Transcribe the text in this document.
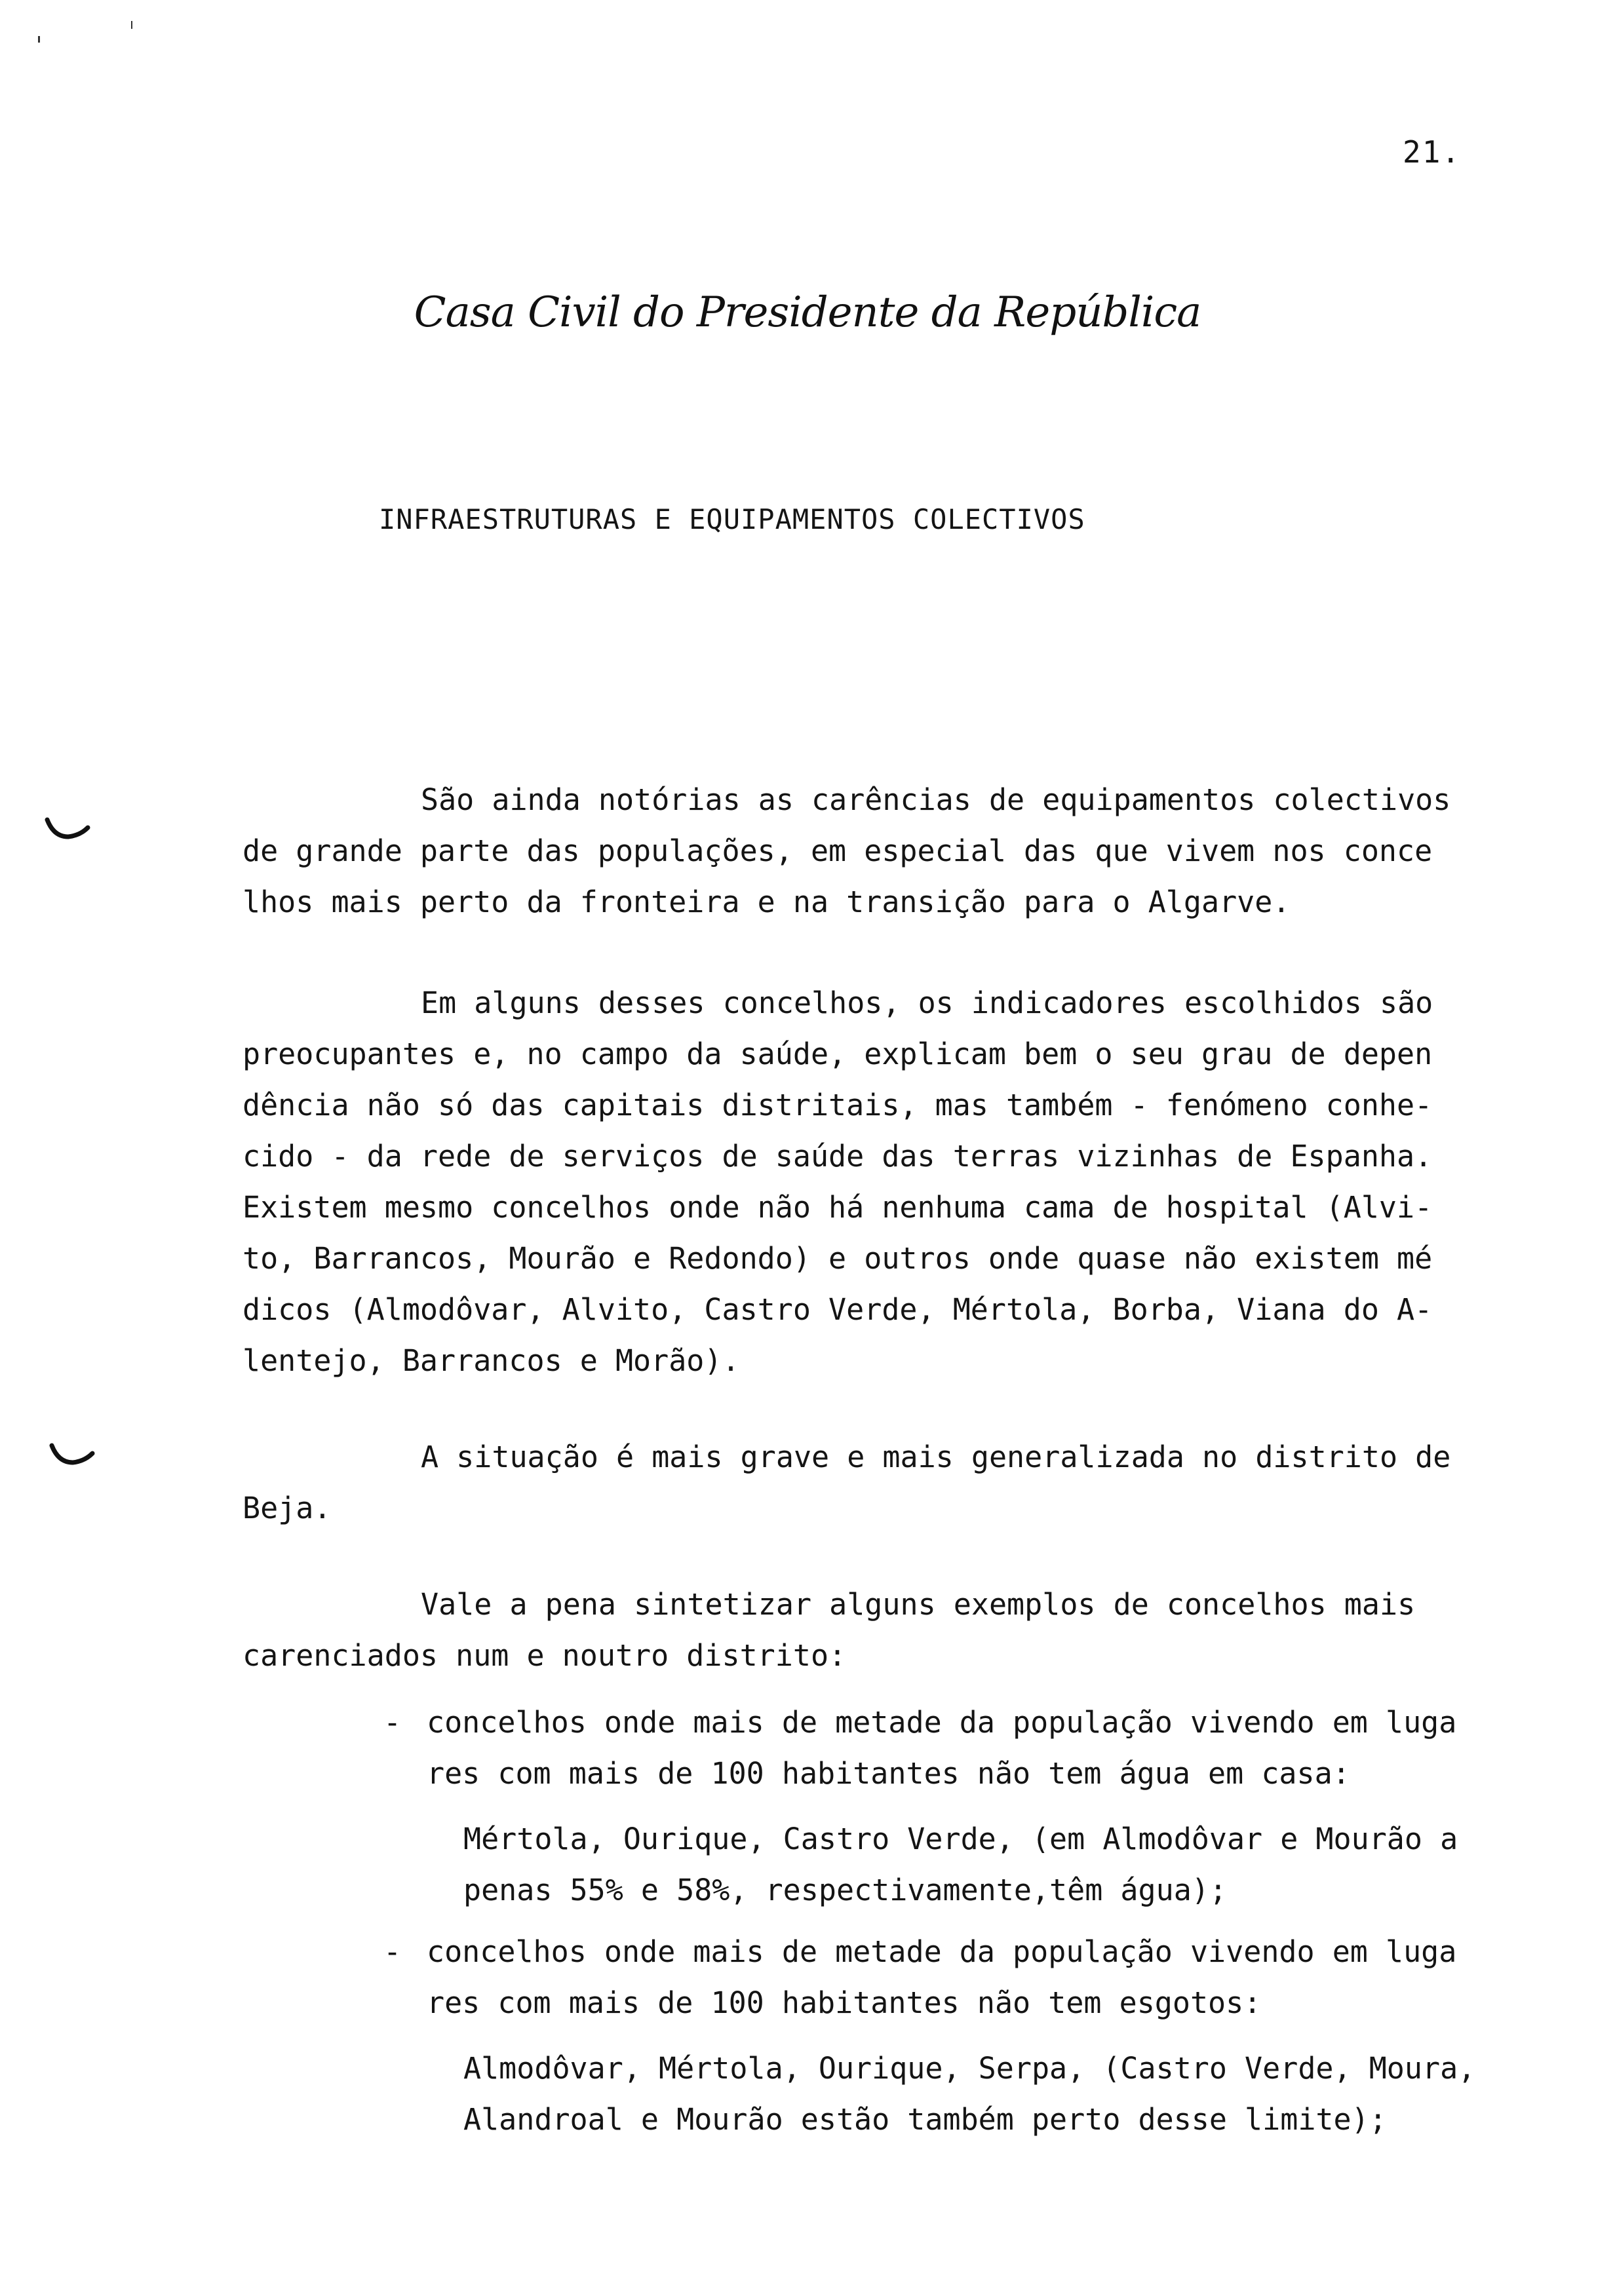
21.
Casa Civil do Presidente da República
INFRAESTRUTURAS E EQUIPAMENTOS COLECTIVOS
São ainda notórias as carências de equipamentos colectivos
de grande parte das populações, em especial das que vivem nos conce
lhos mais perto da fronteira e na transição para o Algarve.
Em alguns desses concelhos, os indicadores escolhidos são
preocupantes e, no campo da saúde, explicam bem o seu grau de depen
dência não só das capitais distritais, mas também - fenómeno conhe-
cido - da rede de serviços de saúde das terras vizinhas de Espanha.
Existem mesmo concelhos onde não há nenhuma cama de hospital (Alvi-
to, Barrancos, Mourão e Redondo) e outros onde quase não existem mé
dicos (Almodôvar, Alvito, Castro Verde, Mértola, Borba, Viana do A-
lentejo, Barrancos e Morão).
A situação é mais grave e mais generalizada no distrito de
Beja.
Vale a pena sintetizar alguns exemplos de concelhos mais
carenciados num e noutro distrito:
- concelhos onde mais de metade da população vivendo em luga
res com mais de 100 habitantes não tem água em casa:
Mértola, Ourique, Castro Verde, (em Almodôvar e Mourão a
penas 55% e 58%, respectivamente,têm água);
- concelhos onde mais de metade da população vivendo em luga
res com mais de 100 habitantes não tem esgotos:
Almodôvar, Mértola, Ourique, Serpa, (Castro Verde, Moura,
Alandroal e Mourão estão também perto desse limite);
